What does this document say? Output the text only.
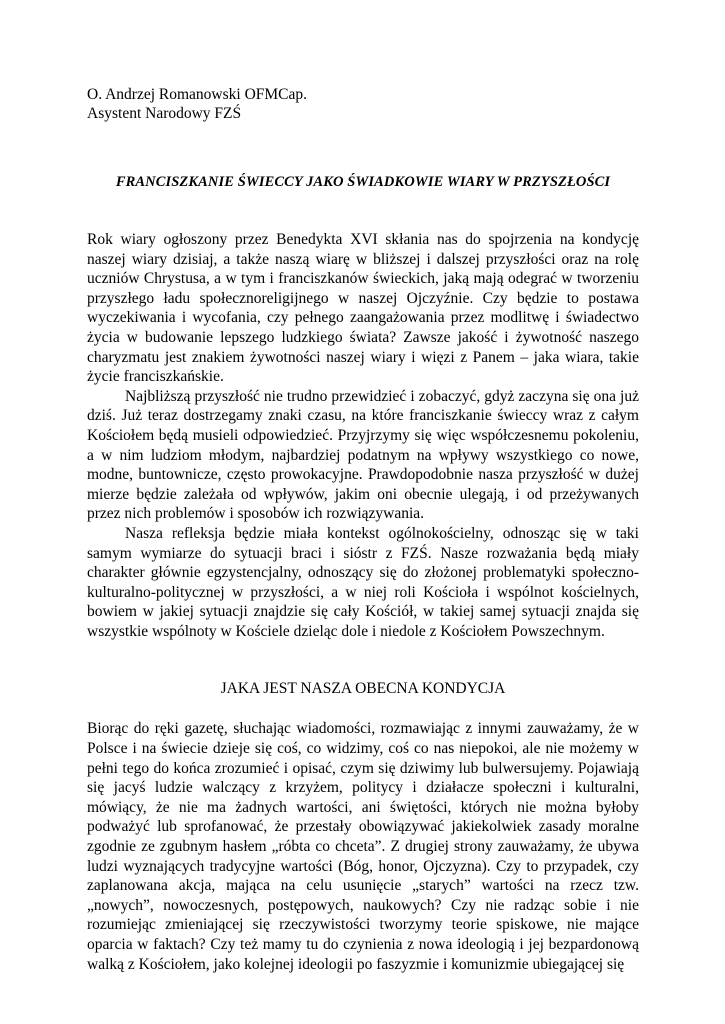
O. Andrzej Romanowski OFMCap.
Asystent Narodowy FZŚ
FRANCISZKANIE ŚWIECCY JAKO ŚWIADKOWIE WIARY W PRZYSZŁOŚCI

Rok wiary ogłoszony przez Benedykta XVI skłania nas do spojrzenia na kondycję naszej wiary dzisiaj, a także naszą wiarę w bliższej i dalszej przyszłości oraz na rolę uczniów Chrystusa, a w tym i franciszkanów świeckich, jaką mają odegrać w tworzeniu przyszłego ładu społecznoreligijnego w naszej Ojczyźnie. Czy będzie to postawa wyczekiwania i wycofania, czy pełnego zaangażowania przez modlitwę i świadectwo życia w budowanie lepszego ludzkiego świata? Zawsze jakość i żywotność naszego charyzmatu jest znakiem żywotności naszej wiary i więzi z Panem – jaka wiara, takie życie franciszkańskie.

Najbliższą przyszłość nie trudno przewidzieć i zobaczyć, gdyż zaczyna się ona już dziś. Już teraz dostrzegamy znaki czasu, na które franciszkanie świeccy wraz z całym Kościołem będą musieli odpowiedzieć. Przyjrzymy się więc współczesnemu pokoleniu, a w nim ludziom młodym, najbardziej podatnym na wpływy wszystkiego co nowe, modne, buntownicze, często prowokacyjne. Prawdopodobnie nasza przyszłość w dużej mierze będzie zależała od wpływów, jakim oni obecnie ulegają, i od przeżywanych przez nich problemów i sposobów ich rozwiązywania.

Nasza refleksja będzie miała kontekst ogólnokościelny, odnosząc się w taki samym wymiarze do sytuacji braci i sióstr z FZŚ. Nasze rozważania będą miały charakter głównie egzystencjalny, odnoszący się do złożonej problematyki społeczno-kulturalno-politycznej w przyszłości, a w niej roli Kościoła i wspólnot kościelnych, bowiem w jakiej sytuacji znajdzie się cały Kościół, w takiej samej sytuacji znajda się wszystkie wspólnoty w Kościele dzieląc dole i niedole z Kościołem Powszechnym.

JAKA JEST NASZA OBECNA KONDYCJA

Biorąc do ręki gazetę, słuchając wiadomości, rozmawiając z innymi zauważamy, że w Polsce i na świecie dzieje się coś, co widzimy, coś co nas niepokoi, ale nie możemy w pełni tego do końca zrozumieć i opisać, czym się dziwimy lub bulwersujemy. Pojawiają się jacyś ludzie walczący z krzyżem, politycy i działacze społeczni i kulturalni, mówiący, że nie ma żadnych wartości, ani świętości, których nie można byłoby podważyć lub sprofanować, że przestały obowiązywać jakiekolwiek zasady moralne zgodnie ze zgubnym hasłem „róbta co chceta”. Z drugiej strony zauważamy, że ubywa ludzi wyznających tradycyjne wartości (Bóg, honor, Ojczyzna). Czy to przypadek, czy zaplanowana akcja, mająca na celu usunięcie „starych” wartości na rzecz tzw. „nowych”, nowoczesnych, postępowych, naukowych? Czy nie radząc sobie i nie rozumiejąc zmieniającej się rzeczywistości tworzymy teorie spiskowe, nie mające oparcia w faktach? Czy też mamy tu do czynienia z nowa ideologią i jej bezpardonową walką z Kościołem, jako kolejnej ideologii po faszyzmie i komunizmie ubiegającej się
